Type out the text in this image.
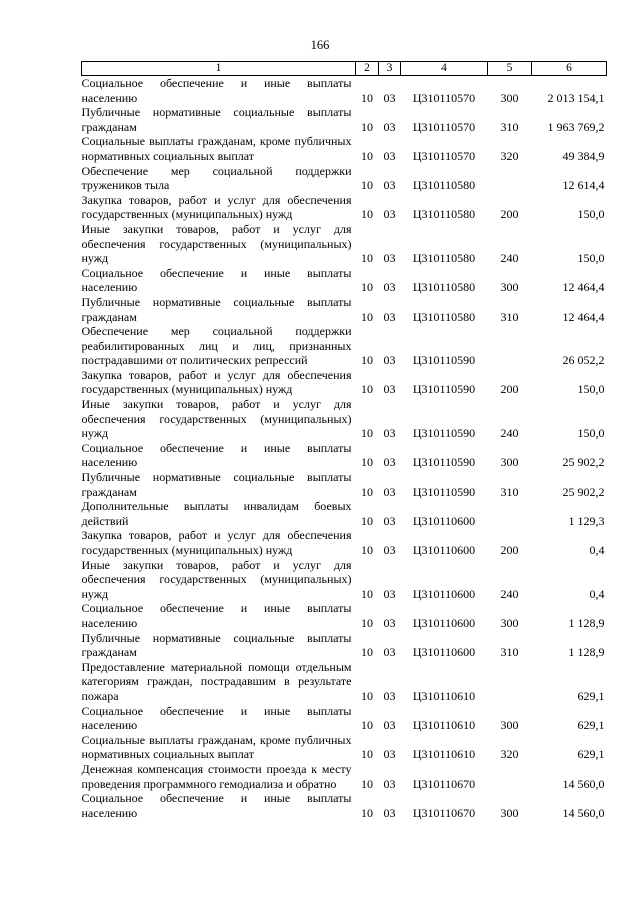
166
1	2	3	4	5	6
Социальное обеспечение и иные выплаты населению	10	03	Ц310110570	300	2 013 154,1
Публичные нормативные социальные выплаты гражданам	10	03	Ц310110570	310	1 963 769,2
Социальные выплаты гражданам, кроме публичных нормативных социальных выплат	10	03	Ц310110570	320	49 384,9
Обеспечение мер социальной поддержки тружеников тыла	10	03	Ц310110580		12 614,4
Закупка товаров, работ и услуг для обеспечения государственных (муниципальных) нужд	10	03	Ц310110580	200	150,0
Иные закупки товаров, работ и услуг для обеспечения государственных (муниципальных) нужд	10	03	Ц310110580	240	150,0
Социальное обеспечение и иные выплаты населению	10	03	Ц310110580	300	12 464,4
Публичные нормативные социальные выплаты гражданам	10	03	Ц310110580	310	12 464,4
Обеспечение мер социальной поддержки реабилитированных лиц и лиц, признанных пострадавшими от политических репрессий	10	03	Ц310110590		26 052,2
Закупка товаров, работ и услуг для обеспечения государственных (муниципальных) нужд	10	03	Ц310110590	200	150,0
Иные закупки товаров, работ и услуг для обеспечения государственных (муниципальных) нужд	10	03	Ц310110590	240	150,0
Социальное обеспечение и иные выплаты населению	10	03	Ц310110590	300	25 902,2
Публичные нормативные социальные выплаты гражданам	10	03	Ц310110590	310	25 902,2
Дополнительные выплаты инвалидам боевых действий	10	03	Ц310110600		1 129,3
Закупка товаров, работ и услуг для обеспечения государственных (муниципальных) нужд	10	03	Ц310110600	200	0,4
Иные закупки товаров, работ и услуг для обеспечения государственных (муниципальных) нужд	10	03	Ц310110600	240	0,4
Социальное обеспечение и иные выплаты населению	10	03	Ц310110600	300	1 128,9
Публичные нормативные социальные выплаты гражданам	10	03	Ц310110600	310	1 128,9
Предоставление материальной помощи отдельным категориям граждан, пострадавшим в результате пожара	10	03	Ц310110610		629,1
Социальное обеспечение и иные выплаты населению	10	03	Ц310110610	300	629,1
Социальные выплаты гражданам, кроме публичных нормативных социальных выплат	10	03	Ц310110610	320	629,1
Денежная компенсация стоимости проезда к месту проведения программного гемодиализа и обратно	10	03	Ц310110670		14 560,0
Социальное обеспечение и иные выплаты населению	10	03	Ц310110670	300	14 560,0
